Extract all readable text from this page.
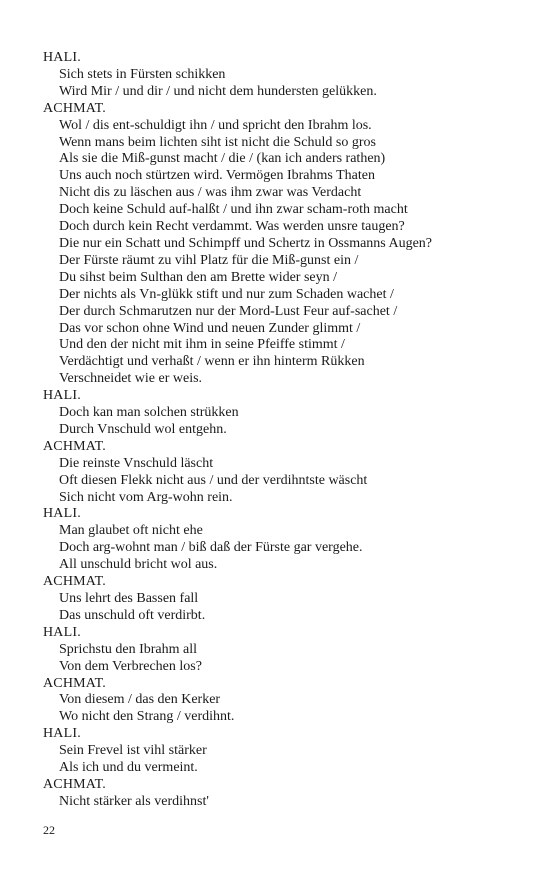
HALI.
Sich stets in Fürsten schikken
Wird Mir / und dir / und nicht dem hundersten gelükken.
ACHMAT.
Wol / dis ent-schuldigt ihn / und spricht den Ibrahm los.
Wenn mans beim lichten siht ist nicht die Schuld so gros
Als sie die Miß-gunst macht / die / (kan ich anders rathen)
Uns auch noch stürtzen wird. Vermögen Ibrahms Thaten
Nicht dis zu läschen aus / was ihm zwar was Verdacht
Doch keine Schuld auf-halßt / und ihn zwar scham-roth macht
Doch durch kein Recht verdammt. Was werden unsre taugen?
Die nur ein Schatt und Schimpff und Schertz in Ossmanns Augen?
Der Fürste räumt zu vihl Platz für die Miß-gunst ein /
Du sihst beim Sulthan den am Brette wider seyn /
Der nichts als Vn-glükk stift und nur zum Schaden wachet /
Der durch Schmarutzen nur der Mord-Lust Feur auf-sachet /
Das vor schon ohne Wind und neuen Zunder glimmt /
Und den der nicht mit ihm in seine Pfeiffe stimmt /
Verdächtigt und verhaßt / wenn er ihn hinterm Rükken
Verschneidet wie er weis.
HALI.
Doch kan man solchen strükken
Durch Vnschuld wol entgehn.
ACHMAT.
Die reinste Vnschuld läscht
Oft diesen Flekk nicht aus / und der verdihntste wäscht
Sich nicht vom Arg-wohn rein.
HALI.
Man glaubet oft nicht ehe
Doch arg-wohnt man / biß daß der Fürste gar vergehe.
All unschuld bricht wol aus.
ACHMAT.
Uns lehrt des Bassen fall
Das unschuld oft verdirbt.
HALI.
Sprichstu den Ibrahm all
Von dem Verbrechen los?
ACHMAT.
Von diesem / das den Kerker
Wo nicht den Strang / verdihnt.
HALI.
Sein Frevel ist vihl stärker
Als ich und du vermeint.
ACHMAT.
Nicht stärker als verdihnst'
22
